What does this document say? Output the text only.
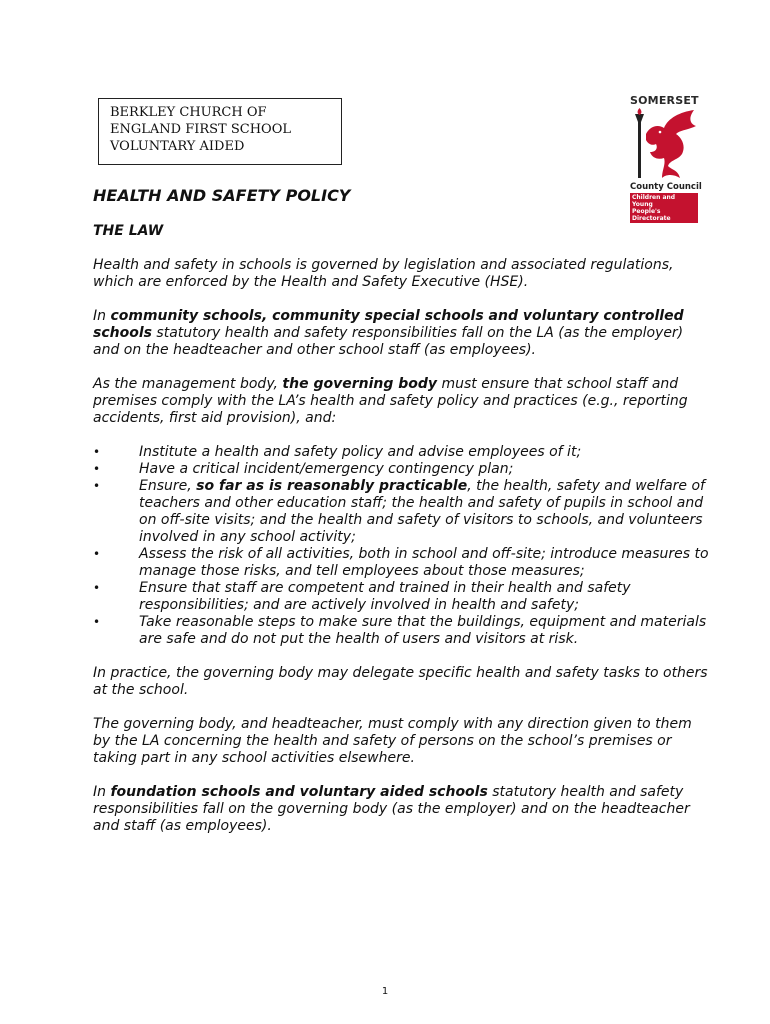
BERKLEY CHURCH OF
ENGLAND FIRST SCHOOL
VOLUNTARY AIDED
SOMERSET
County Council
Children and Young
People's Directorate
HEALTH AND SAFETY POLICY
THE LAW

Health and safety in schools is governed by legislation and associated regulations, which are enforced by the Health and Safety Executive (HSE).

In community schools, community special schools and voluntary controlled schools statutory health and safety responsibilities fall on the LA (as the employer) and on the headteacher and other school staff (as employees).

As the management body, the governing body must ensure that school staff and premises comply with the LA’s health and safety policy and practices (e.g., reporting accidents, first aid provision), and:

•	Institute a health and safety policy and advise employees of it;
•	Have a critical incident/emergency contingency plan;
•	Ensure, so far as is reasonably practicable, the health, safety and welfare of teachers and other education staff; the health and safety of pupils in school and on off-site visits; and the health and safety of visitors to schools, and volunteers involved in any school activity;
•	Assess the risk of all activities, both in school and off-site; introduce measures to manage those risks, and tell employees about those measures;
•	Ensure that staff are competent and trained in their health and safety responsibilities; and are actively involved in health and safety;
•	Take reasonable steps to make sure that the buildings, equipment and materials are safe and do not put the health of users and visitors at risk.

In practice, the governing body may delegate specific health and safety tasks to others at the school.

The governing body, and headteacher, must comply with any direction given to them by the LA concerning the health and safety of persons on the school’s premises or taking part in any school activities elsewhere.

In foundation schools and voluntary aided schools statutory health and safety responsibilities fall on the governing body (as the employer) and on the headteacher and staff (as employees).

1
